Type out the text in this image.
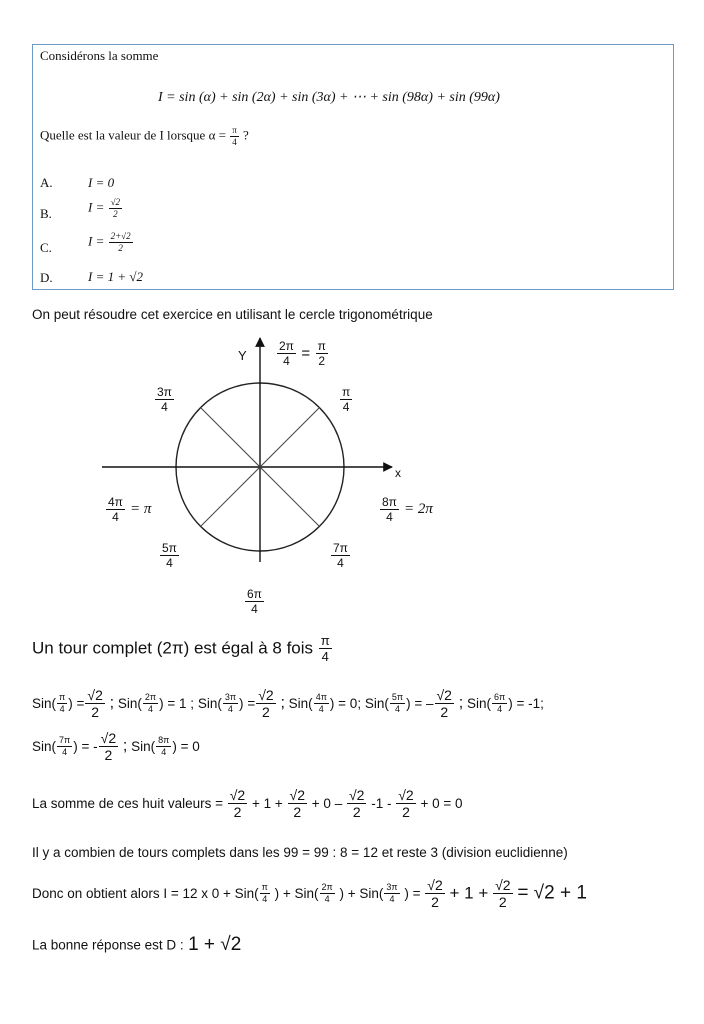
Considérons la somme
I = sin (α) + sin (2α) + sin (3α) + ⋯ + sin (98α) + sin (99α)
Quelle est la valeur de I lorsque $\alpha = \frac{\pi}{4}$ ?
A.	I = 0
B.	$I = \frac{√2}{2}$
C.	$I = \frac{2+√2}{2}$
D.	I = 1 + √2
On peut résoudre cet exercice en utilisant le cercle trigonométrique
Y
x
$\frac{2\pi}{4} = \frac{\pi}{2}$
$\frac{\pi}{4}$
$\frac{3\pi}{4}$
$\frac{4\pi}{4} = \pi$	$\frac{8\pi}{4} = 2\pi$
$\frac{5\pi}{4}$	$\frac{7\pi}{4}$
$\frac{6\pi}{4}$
Un tour complet (2π) est égal à 8 fois $\frac{\pi}{4}$
$Sin( \frac{\pi}{4}$ ) = $\frac{√2}{2}$ ; $Sin( \frac{2\pi}{4}$ ) = 1 ; $Sin( \frac{3\pi}{4}$ ) = $\frac{√2}{2}$ ; $Sin( \frac{4\pi}{4}$ ) = 0; $Sin( \frac{5\pi}{4}$ ) = – $\frac{√2}{2}$ ; $Sin( \frac{6\pi}{4}$ ) = -1;
$Sin( \frac{7\pi}{4}$ ) = - $\frac{√2}{2}$ ; $Sin( \frac{8\pi}{4}$ ) = 0
La somme de ces huit valeurs = $\frac{√2}{2} + 1 + \frac{√2}{2} + 0 - \frac{√2}{2} -1 - \frac{√2}{2} + 0 = 0$
Il y a combien de tours complets dans les 99 = 99 : 8 = 12 et reste 3 (division euclidienne)
Donc on obtient alors I = 12 x $0 + Sin( \frac{\pi}{4}$ ) + $Sin( \frac{2\pi}{4}$ ) + $Sin( \frac{3\pi}{4}$ ) = $\frac{√2}{2} + 1 + \frac{√2}{2} = √2 + 1$
La bonne réponse est D : 1 + √2
